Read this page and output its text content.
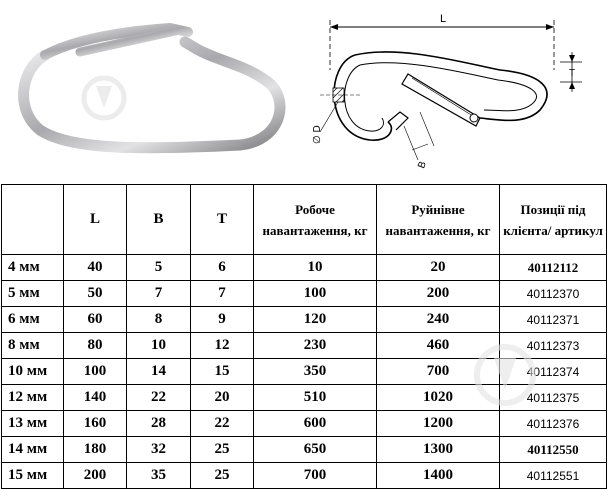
L
T
∅ D
B
	L	B	T	Робоче навантаження, кг	Руйнівне навантаження, кг	Позиції під клієнта/ артикул
4 мм	40	5	6	10	20	40112112
5 мм	50	7	7	100	200	40112370
6 мм	60	8	9	120	240	40112371
8 мм	80	10	12	230	460	40112373
10 мм	100	14	15	350	700	40112374
12 мм	140	22	20	510	1020	40112375
13 мм	160	28	22	600	1200	40112376
14 мм	180	32	25	650	1300	40112550
15 мм	200	35	25	700	1400	40112551
